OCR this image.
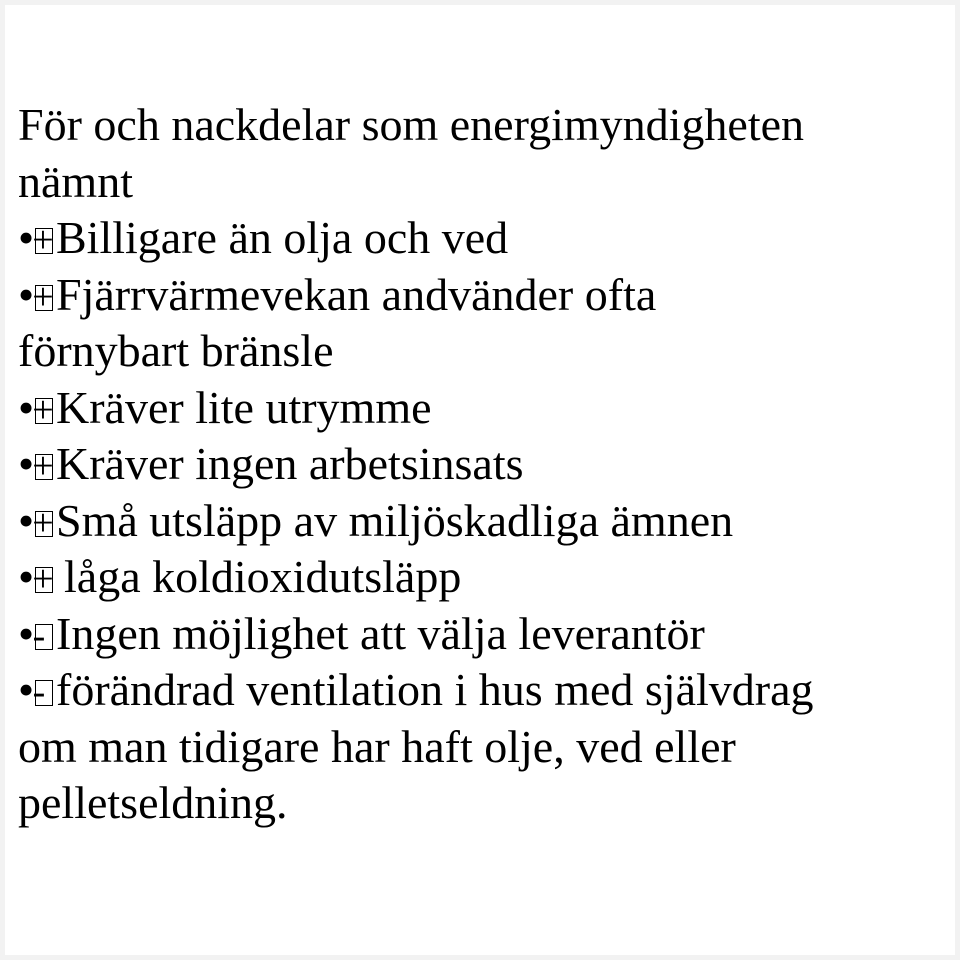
För och nackdelar som energimyndigheten

nämnt

•
+ Billigare än olja och ved

•
+ Fjärrvärmevekan andvänder ofta

förnybart bränsle

•
+ Kräver lite utrymme

•
+ Kräver ingen arbetsinsats

•
+ Små utsläpp av miljöskadliga ämnen

•
+ låga koldioxidutsläpp

•
- Ingen möjlighet att välja leverantör

•
- förändrad ventilation i hus med självdrag

om man tidigare har haft olje, ved eller

pelletseldning.
